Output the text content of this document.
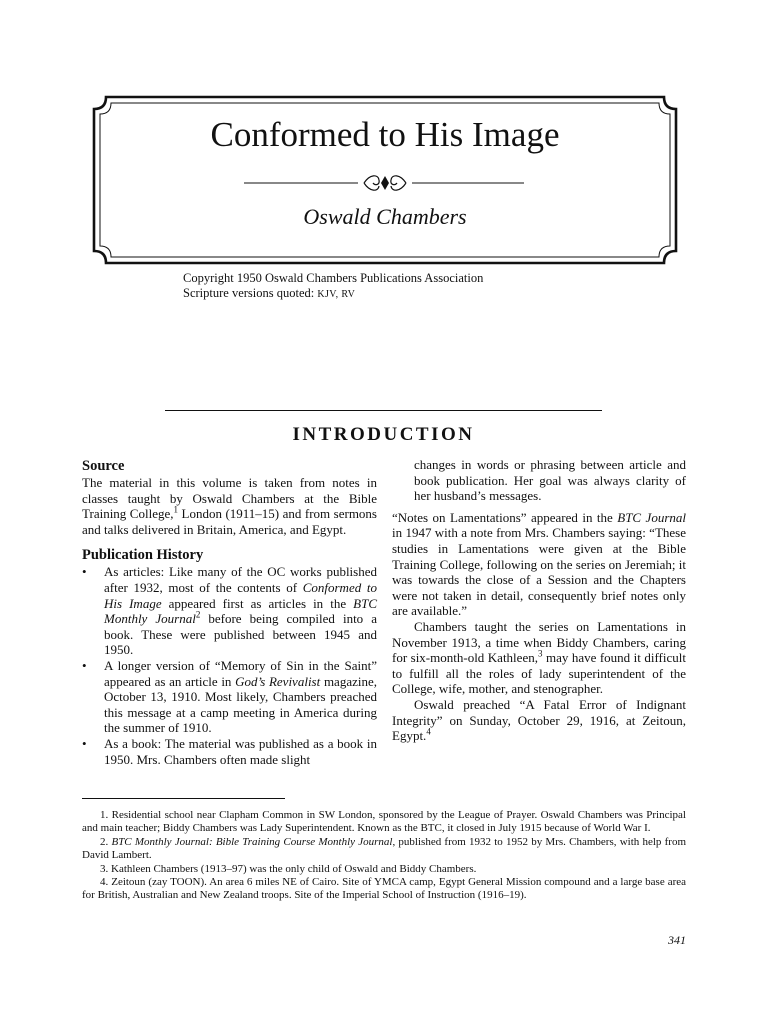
Conformed to His Image
Oswald Chambers
Copyright 1950 Oswald Chambers Publications Association
Scripture versions quoted: KJV, RV
INTRODUCTION
Source

The material in this volume is taken from notes in classes taught by Oswald Chambers at the Bible Training College,$^1$ London (1911–15) and from sermons and talks delivered in Britain, America, and Egypt.

Publication History
• As articles: Like many of the OC works published after 1932, most of the contents of Conformed to His Image appeared first as articles in the BTC Monthly Journal$^2$ before being compiled into a book. These were published between 1945 and 1950.
• A longer version of “Memory of Sin in the Saint” appeared as an article in God’s Revivalist magazine, October 13, 1910. Most likely, Chambers preached this message at a camp meeting in America during the summer of 1910.
• As a book: The material was published as a book in 1950. Mrs. Chambers often made slight

changes in words or phrasing between article and book publication. Her goal was always clarity of her husband’s messages.

“Notes on Lamentations” appeared in the BTC Journal in 1947 with a note from Mrs. Chambers saying: “These studies in Lamentations were given at the Bible Training College, following on the series on Jeremiah; it was towards the close of a Session and the Chapters were not taken in detail, consequently brief notes only are available.”

Chambers taught the series on Lamentations in November 1913, a time when Biddy Chambers, caring for six-month-old Kathleen,$^3$ may have found it difficult to fulfill all the roles of lady superintendent of the College, wife, mother, and stenographer.

Oswald preached “A Fatal Error of Indignant Integrity” on Sunday, October 29, 1916, at Zeitoun, Egypt.$^4$

1. Residential school near Clapham Common in SW London, sponsored by the League of Prayer. Oswald Chambers was Principal and main teacher; Biddy Chambers was Lady Superintendent. Known as the BTC, it closed in July 1915 because of World War I.

2. BTC Monthly Journal: Bible Training Course Monthly Journal, published from 1932 to 1952 by Mrs. Chambers, with help from David Lambert.

3. Kathleen Chambers (1913–97) was the only child of Oswald and Biddy Chambers.

4. Zeitoun (zay TOON). An area 6 miles NE of Cairo. Site of YMCA camp, Egypt General Mission compound and a large base area for British, Australian and New Zealand troops. Site of the Imperial School of Instruction (1916–19).

341
